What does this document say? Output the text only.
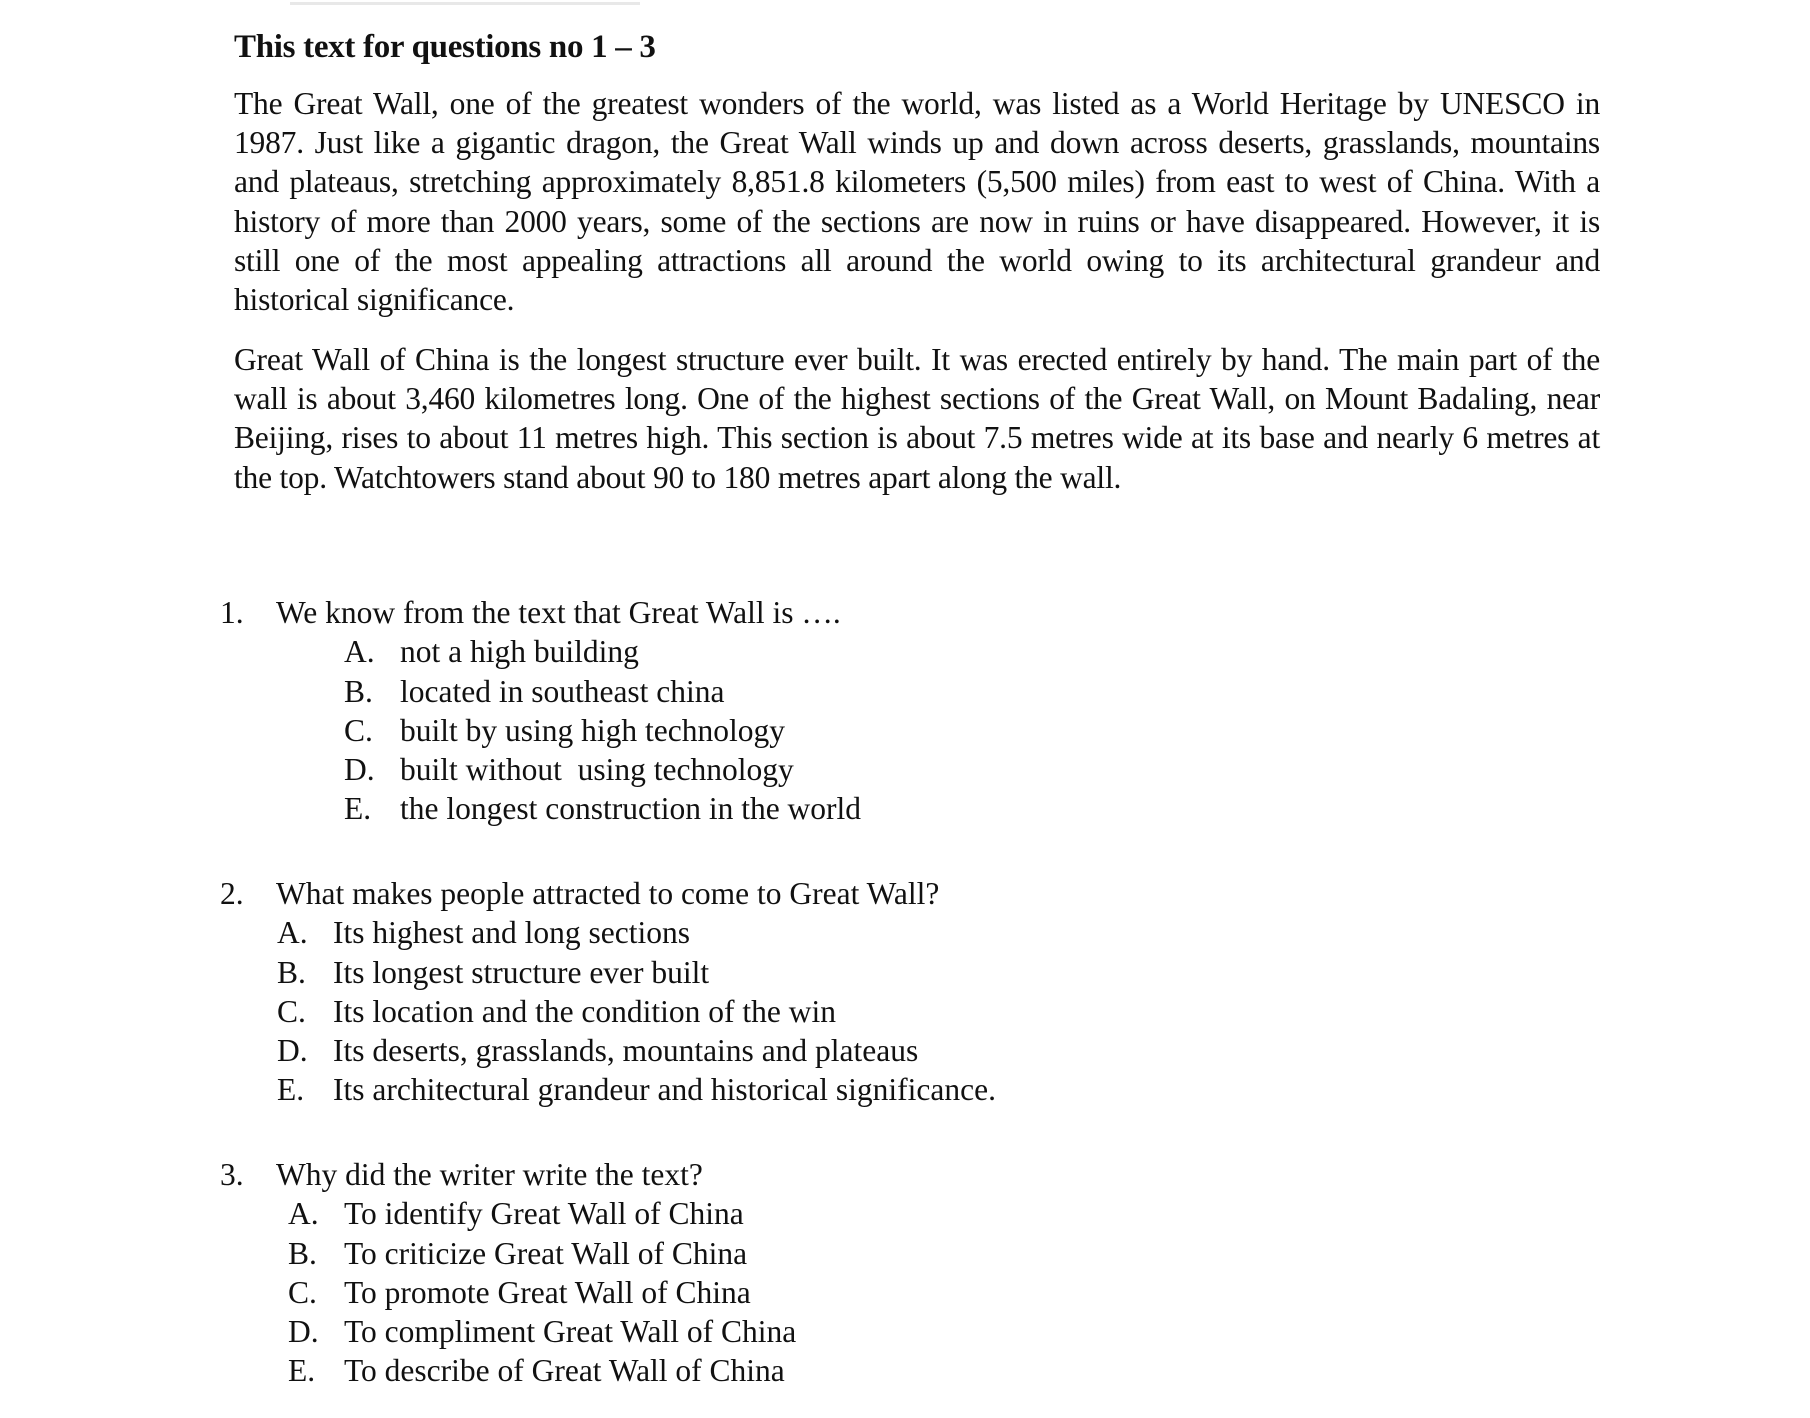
This text for questions no 1 – 3

The Great Wall, one of the greatest wonders of the world, was listed as a World Heritage by UNESCO in 1987. Just like a gigantic dragon, the Great Wall winds up and down across deserts, grasslands, mountains and plateaus, stretching approximately 8,851.8 kilometers (5,500 miles) from east to west of China. With a history of more than 2000 years, some of the sections are now in ruins or have disappeared. However, it is still one of the most appealing attractions all around the world owing to its architectural grandeur and historical significance.

Great Wall of China is the longest structure ever built. It was erected entirely by hand. The main part of the wall is about 3,460 kilometres long. One of the highest sections of the Great Wall, on Mount Badaling, near Beijing, rises to about 11 metres high. This section is about 7.5 metres wide at its base and nearly 6 metres at the top. Watchtowers stand about 90 to 180 metres apart along the wall.

1.	We know from the text that Great Wall is ….
A. not a high building
B. located in southeast china
C. built by using high technology
D. built without  using technology
E. the longest construction in the world
2.	What makes people attracted to come to Great Wall?
A. Its highest and long sections
B. Its longest structure ever built
C. Its location and the condition of the win
D. Its deserts, grasslands, mountains and plateaus
E. Its architectural grandeur and historical significance.
3.	Why did the writer write the text?
A. To identify Great Wall of China
B. To criticize Great Wall of China
C. To promote Great Wall of China
D. To compliment Great Wall of China
E. To describe of Great Wall of China
